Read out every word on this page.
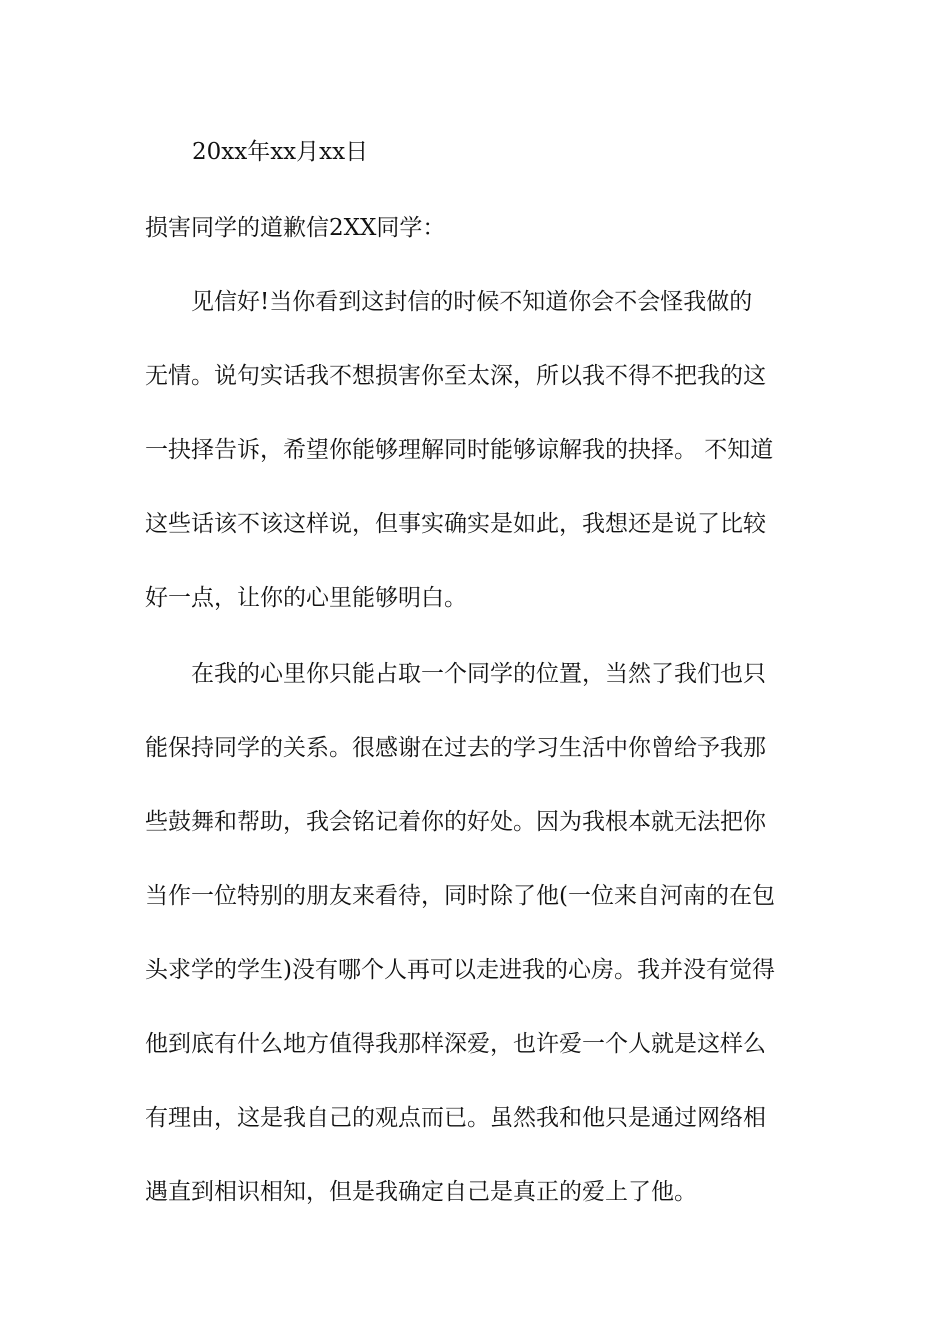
20xx年xx月xx日
损害同学的道歉信2XX同学：
　　见信好!当你看到这封信的时候不知道你会不会怪我做的
无情。说句实话我不想损害你至太深，所以我不得不把我的这
一抉择告诉，希望你能够理解同时能够谅解我的抉择。 不知道
这些话该不该这样说，但事实确实是如此，我想还是说了比较
好一点，让你的心里能够明白。
　　在我的心里你只能占取一个同学的位置，当然了我们也只
能保持同学的关系。很感谢在过去的学习生活中你曾给予我那
些鼓舞和帮助，我会铭记着你的好处。因为我根本就无法把你
当作一位特别的朋友来看待，同时除了他(一位来自河南的在包
头求学的学生)没有哪个人再可以走进我的心房。我并没有觉得
他到底有什么地方值得我那样深爱，也许爱一个人就是这样么
有理由，这是我自己的观点而已。虽然我和他只是通过网络相
遇直到相识相知，但是我确定自己是真正的爱上了他。
